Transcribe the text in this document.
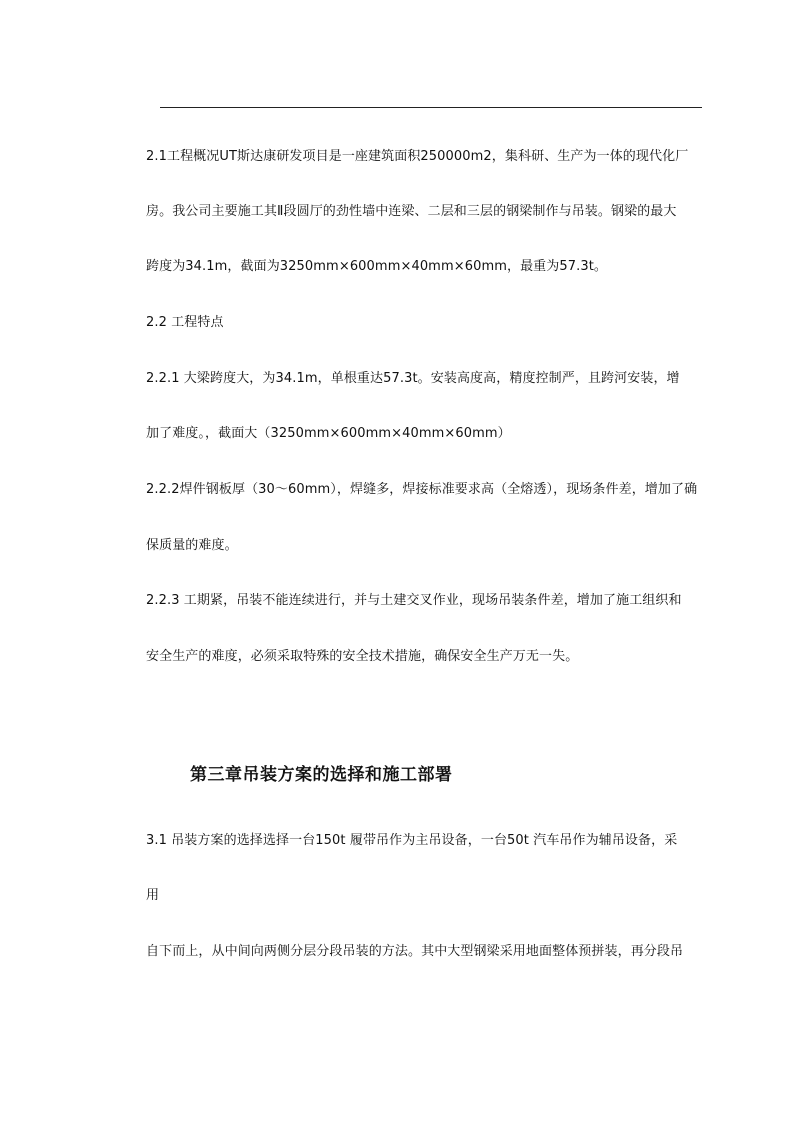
2.1工程概况UT斯达康研发项目是一座建筑面积250000m2，集科研、生产为一体的现代化厂
房。我公司主要施工其Ⅱ段圆厅的劲性墙中连梁、二层和三层的钢梁制作与吊装。钢梁的最大
跨度为34.1m，截面为3250mm×600mm×40mm×60mm，最重为57.3t。
2.2 工程特点
2.2.1 大梁跨度大，为34.1m，单根重达57.3t。安装高度高，精度控制严，且跨河安装，增
加了难度。，截面大（3250mm×600mm×40mm×60mm）
2.2.2焊件钢板厚（30～60mm），焊缝多，焊接标准要求高（全熔透），现场条件差，增加了确
保质量的难度。
2.2.3 工期紧，吊装不能连续进行，并与土建交叉作业，现场吊装条件差，增加了施工组织和
安全生产的难度，必须采取特殊的安全技术措施，确保安全生产万无一失。
第三章吊装方案的选择和施工部署
3.1 吊装方案的选择选择一台150t 履带吊作为主吊设备，一台50t 汽车吊作为辅吊设备，采
用
自下而上，从中间向两侧分层分段吊装的方法。其中大型钢梁采用地面整体预拼装，再分段吊
